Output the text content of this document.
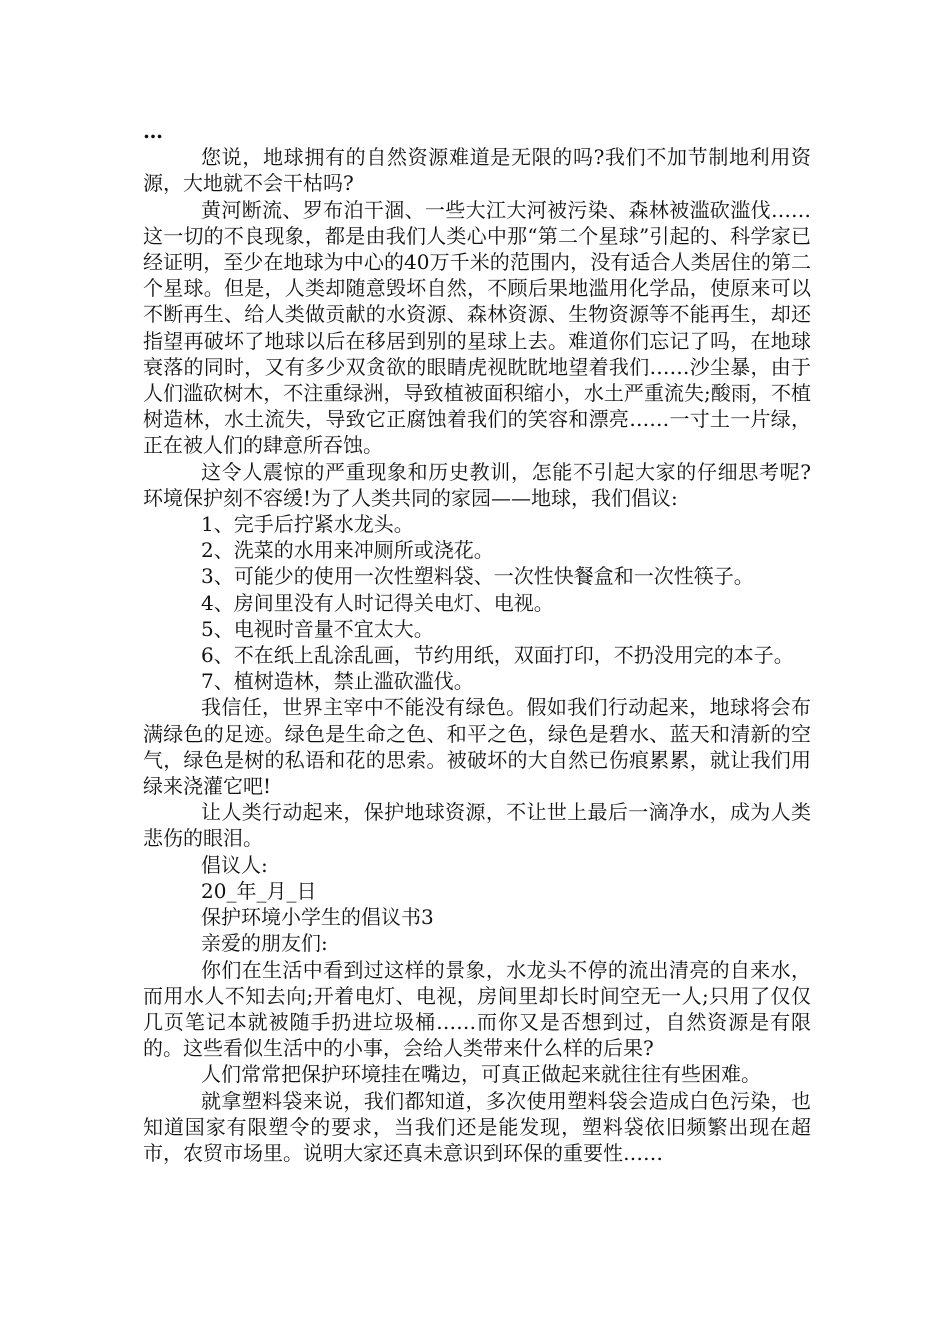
…

您说，地球拥有的自然资源难道是无限的吗?我们不加节制地利用资源，大地就不会干枯吗?

黄河断流、罗布泊干涸、一些大江大河被污染、森林被滥砍滥伐……这一切的不良现象，都是由我们人类心中那“第二个星球”引起的、科学家已经证明，至少在地球为中心的40万千米的范围内，没有适合人类居住的第二个星球。但是，人类却随意毁坏自然，不顾后果地滥用化学品，使原来可以不断再生、给人类做贡献的水资源、森林资源、生物资源等不能再生，却还指望再破坏了地球以后在移居到别的星球上去。难道你们忘记了吗，在地球衰落的同时，又有多少双贪欲的眼睛虎视眈眈地望着我们……沙尘暴，由于人们滥砍树木，不注重绿洲，导致植被面积缩小，水土严重流失;酸雨，不植树造林，水土流失，导致它正腐蚀着我们的笑容和漂亮……一寸土一片绿，正在被人们的肆意所吞蚀。

这令人震惊的严重现象和历史教训，怎能不引起大家的仔细思考呢?环境保护刻不容缓!为了人类共同的家园——地球，我们倡议:

1、完手后拧紧水龙头。

2、洗菜的水用来冲厕所或浇花。

3、可能少的使用一次性塑料袋、一次性快餐盒和一次性筷子。

4、房间里没有人时记得关电灯、电视。

5、电视时音量不宜太大。

6、不在纸上乱涂乱画，节约用纸，双面打印，不扔没用完的本子。

7、植树造林，禁止滥砍滥伐。

我信任，世界主宰中不能没有绿色。假如我们行动起来，地球将会布满绿色的足迹。绿色是生命之色、和平之色，绿色是碧水、蓝天和清新的空气，绿色是树的私语和花的思索。被破坏的大自然已伤痕累累，就让我们用绿来浇灌它吧!

让人类行动起来，保护地球资源，不让世上最后一滴净水，成为人类悲伤的眼泪。

倡议人:

20_年_月_日

保护环境小学生的倡议书3

亲爱的朋友们:

你们在生活中看到过这样的景象，水龙头不停的流出清亮的自来水，而用水人不知去向;开着电灯、电视，房间里却长时间空无一人;只用了仅仅几页笔记本就被随手扔进垃圾桶……而你又是否想到过，自然资源是有限的。这些看似生活中的小事，会给人类带来什么样的后果?

人们常常把保护环境挂在嘴边，可真正做起来就往往有些困难。

就拿塑料袋来说，我们都知道，多次使用塑料袋会造成白色污染，也知道国家有限塑令的要求，当我们还是能发现，塑料袋依旧频繁出现在超市，农贸市场里。说明大家还真未意识到环保的重要性……
